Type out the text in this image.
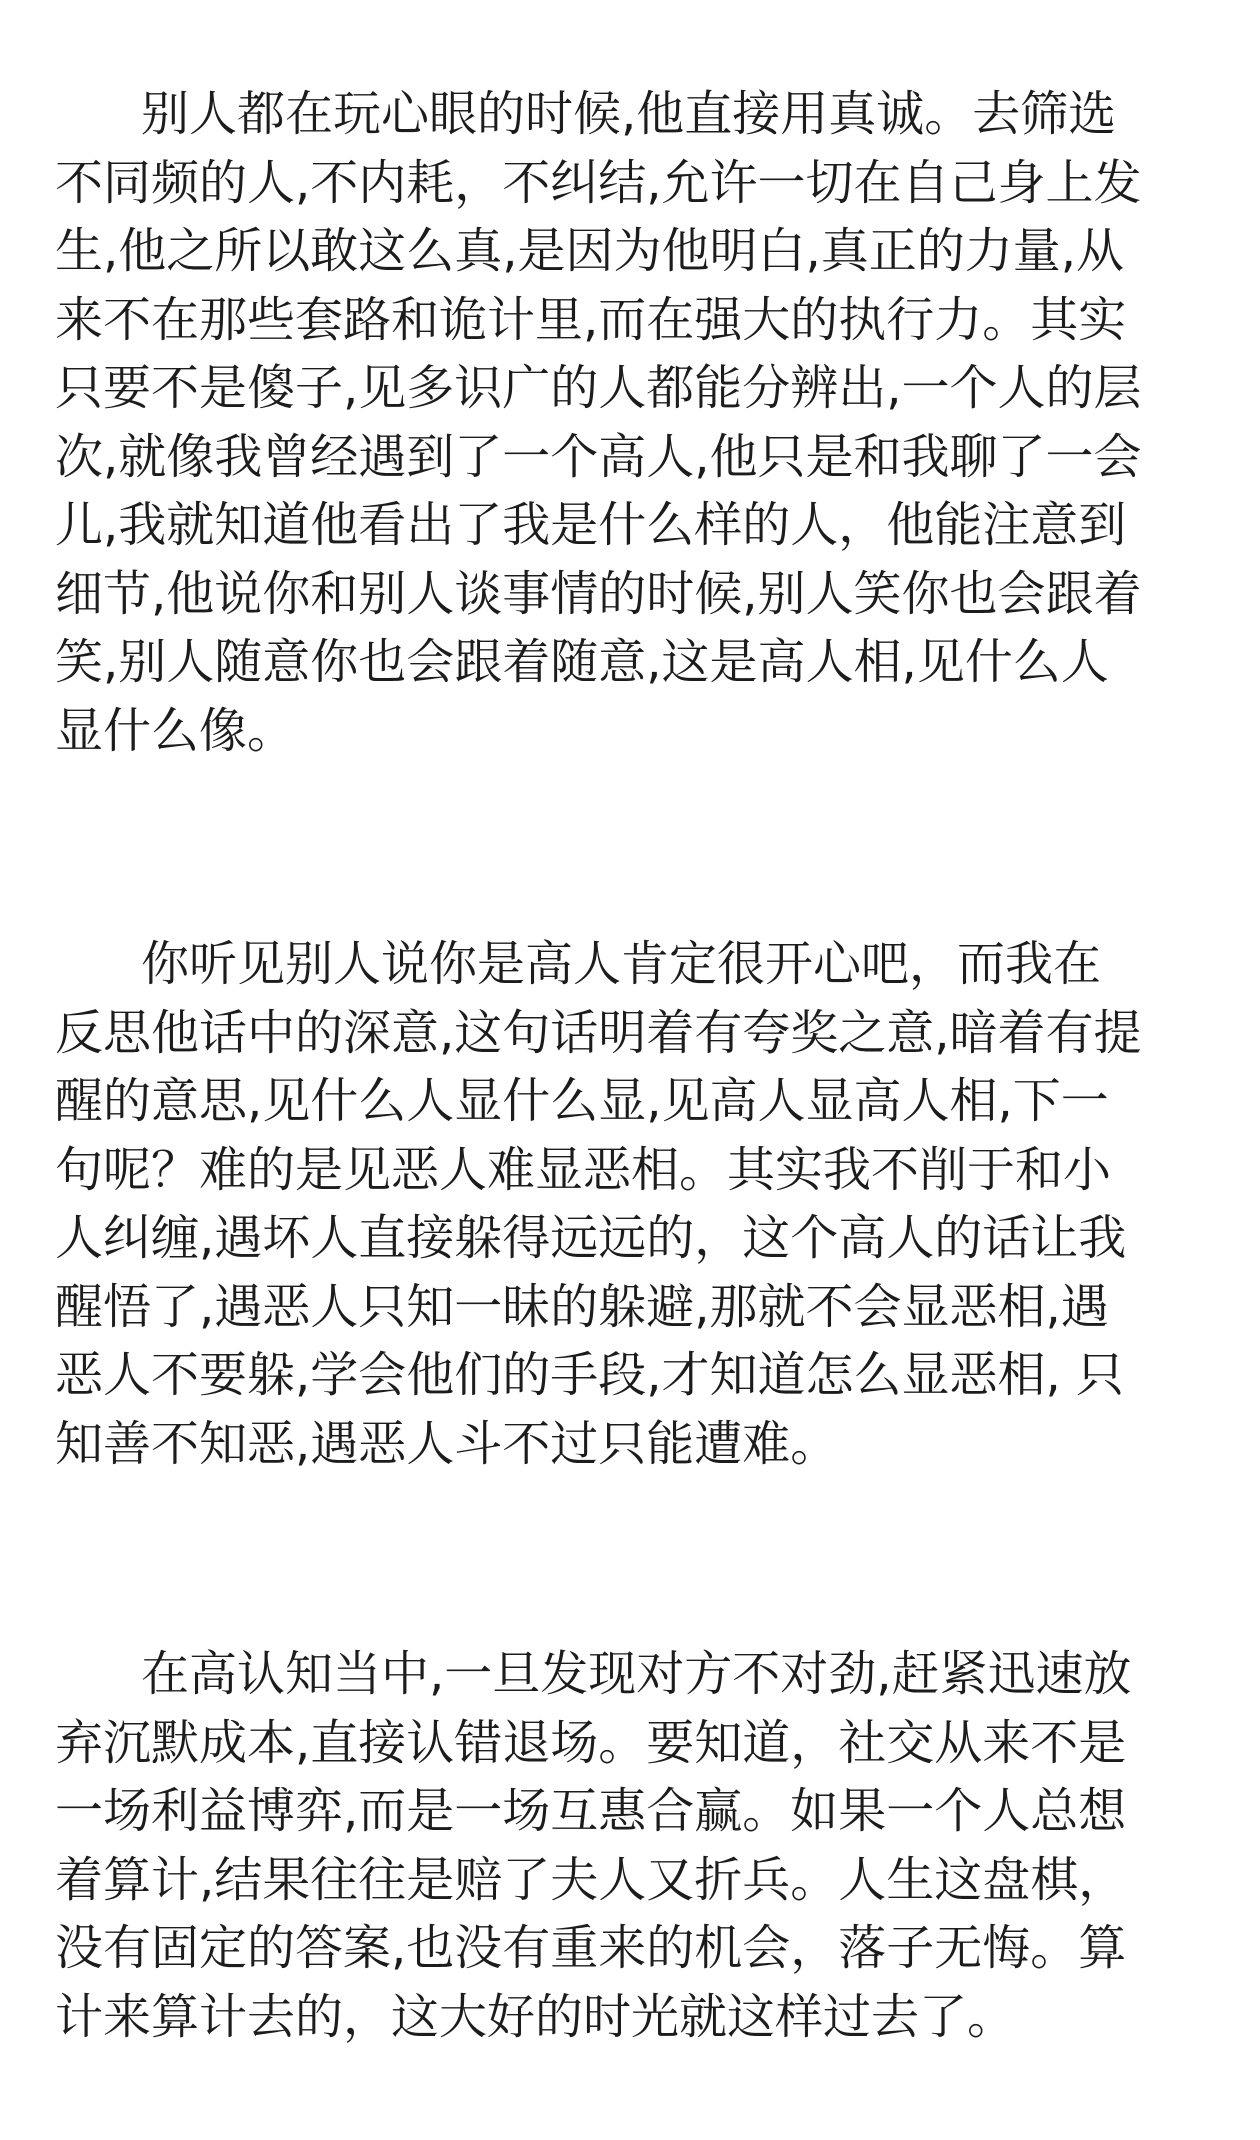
别人都在玩心眼的时候,他直接用真诚。去筛选
不同频的人,不内耗，不纠结,允许一切在自己身上发
生,他之所以敢这么真,是因为他明白,真正的力量,从
来不在那些套路和诡计里,而在强大的执行力。其实
只要不是傻子,见多识广的人都能分辨出,一个人的层
次,就像我曾经遇到了一个高人,他只是和我聊了一会
儿,我就知道他看出了我是什么样的人，他能注意到
细节,他说你和别人谈事情的时候,别人笑你也会跟着
笑,别人随意你也会跟着随意,这是高人相,见什么人
显什么像。

你听见别人说你是高人肯定很开心吧，而我在
反思他话中的深意,这句话明着有夸奖之意,暗着有提
醒的意思,见什么人显什么显,见高人显高人相,下一
句呢？难的是见恶人难显恶相。其实我不削于和小
人纠缠,遇坏人直接躲得远远的，这个高人的话让我
醒悟了,遇恶人只知一昧的躲避,那就不会显恶相,遇
恶人不要躲,学会他们的手段,才知道怎么显恶相, 只
知善不知恶,遇恶人斗不过只能遭难。

在高认知当中,一旦发现对方不对劲,赶紧迅速放
弃沉默成本,直接认错退场。要知道，社交从来不是
一场利益博弈,而是一场互惠合赢。如果一个人总想
着算计,结果往往是赔了夫人又折兵。人生这盘棋，
没有固定的答案,也没有重来的机会，落子无悔。算
计来算计去的，这大好的时光就这样过去了。
